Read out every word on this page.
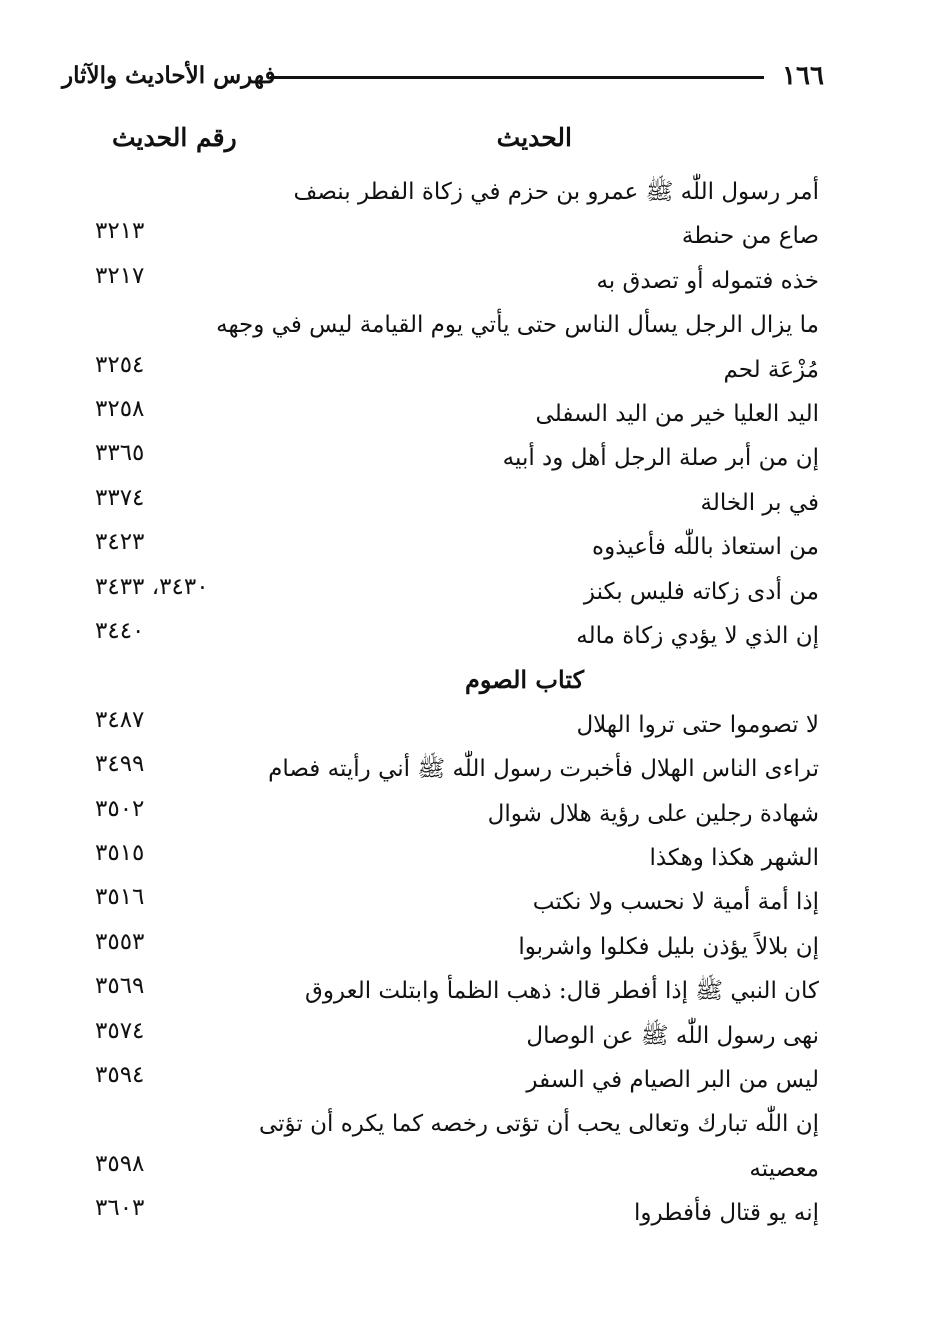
١٦٦
فهرس الأحاديث والآثار
الحديث
رقم الحديث
أمر رسول اللّٰه ﷺ عمرو بن حزم في زكاة الفطر بنصف
صاع من حنطة
٣٢١٣
خذه فتموله أو تصدق به
٣٢١٧
ما يزال الرجل يسأل الناس حتى يأتي يوم القيامة ليس في وجهه
مُزْعَة لحم
٣٢٥٤
اليد العليا خير من اليد السفلى
٣٢٥٨
إن من أبر صلة الرجل أهل ود أبيه
٣٣٦٥
في بر الخالة
٣٣٧٤
من استعاذ باللّٰه فأعيذوه
٣٤٢٣
من أدى زكاته فليس بكنز
٣٤٣٠، ٣٤٣٣
إن الذي لا يؤدي زكاة ماله
٣٤٤٠
كتاب الصوم
لا تصوموا حتى تروا الهلال
٣٤٨٧
تراءى الناس الهلال فأخبرت رسول اللّٰه ﷺ أني رأيته فصام
٣٤٩٩
شهادة رجلين على رؤية هلال شوال
٣٥٠٢
الشهر هكذا وهكذا
٣٥١٥
إذا أمة أمية لا نحسب ولا نكتب
٣٥١٦
إن بلالاً يؤذن بليل فكلوا واشربوا
٣٥٥٣
كان النبي ﷺ إذا أفطر قال: ذهب الظمأ وابتلت العروق
٣٥٦٩
نهى رسول اللّٰه ﷺ عن الوصال
٣٥٧٤
ليس من البر الصيام في السفر
٣٥٩٤
إن اللّٰه تبارك وتعالى يحب أن تؤتى رخصه كما يكره أن تؤتى
معصيته
٣٥٩٨
إنه يو قتال فأفطروا
٣٦٠٣
